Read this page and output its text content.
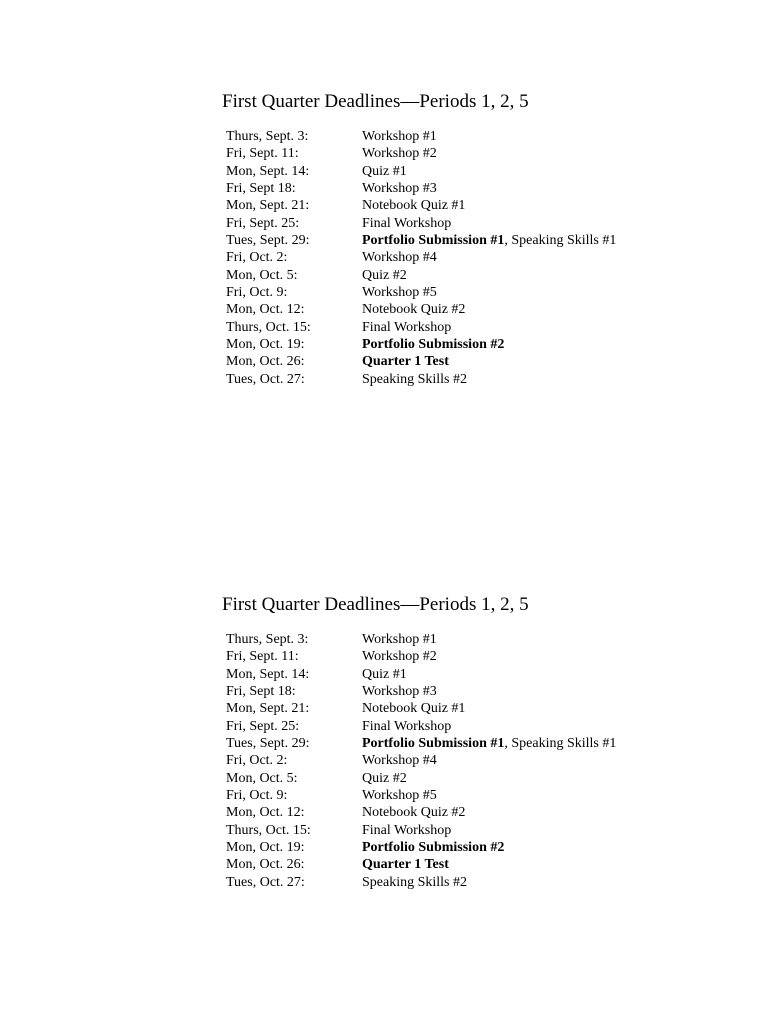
First Quarter Deadlines—Periods 1, 2, 5
Thurs, Sept. 3:	Workshop #1
Fri, Sept. 11:	Workshop #2
Mon, Sept. 14:	Quiz #1
Fri, Sept 18:	Workshop #3
Mon, Sept. 21:	Notebook Quiz #1
Fri, Sept. 25:	Final Workshop
Tues, Sept. 29:	Portfolio Submission #1, Speaking Skills #1
Fri, Oct. 2:	Workshop #4
Mon, Oct. 5:	Quiz #2
Fri, Oct. 9:	Workshop #5
Mon, Oct. 12:	Notebook Quiz #2
Thurs, Oct. 15:	Final Workshop
Mon, Oct. 19:	Portfolio Submission #2
Mon, Oct. 26:	Quarter 1 Test
Tues, Oct. 27:	Speaking Skills #2
First Quarter Deadlines—Periods 1, 2, 5
Thurs, Sept. 3:	Workshop #1
Fri, Sept. 11:	Workshop #2
Mon, Sept. 14:	Quiz #1
Fri, Sept 18:	Workshop #3
Mon, Sept. 21:	Notebook Quiz #1
Fri, Sept. 25:	Final Workshop
Tues, Sept. 29:	Portfolio Submission #1, Speaking Skills #1
Fri, Oct. 2:	Workshop #4
Mon, Oct. 5:	Quiz #2
Fri, Oct. 9:	Workshop #5
Mon, Oct. 12:	Notebook Quiz #2
Thurs, Oct. 15:	Final Workshop
Mon, Oct. 19:	Portfolio Submission #2
Mon, Oct. 26:	Quarter 1 Test
Tues, Oct. 27:	Speaking Skills #2
